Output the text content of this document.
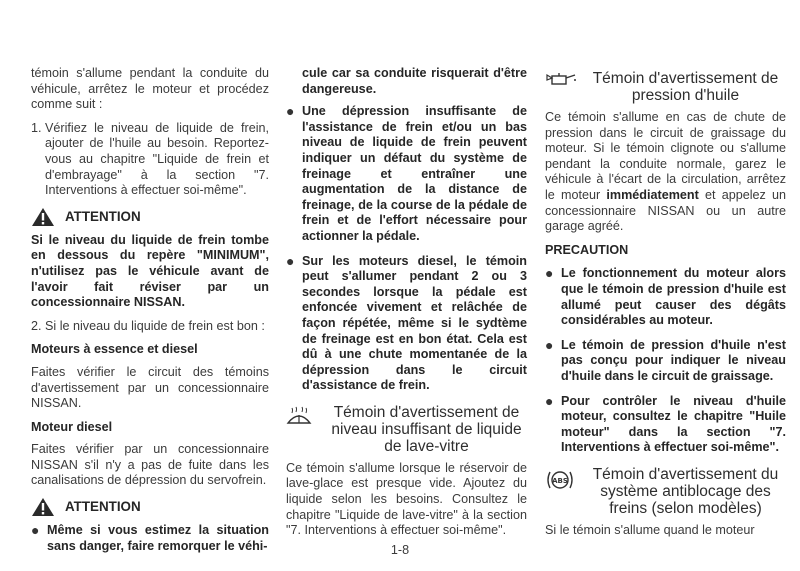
témoin s'allume pendant la conduite du véhicule, arrêtez le moteur et procédez comme suit :

1. Vérifiez le niveau de liquide de frein, ajouter de l'huile au besoin. Reportez-vous au chapitre "Liquide de frein et d'embrayage" à la section "7. Interventions à effectuer soi-même".
ATTENTION

Si le niveau du liquide de frein tombe en dessous du repère "MINIMUM", n'utilisez pas le véhicule avant de l'avoir fait réviser par un concessionnaire NISSAN.

2. Si le niveau du liquide de frein est bon :

Moteurs à essence et diesel

Faites vérifier le circuit des témoins d'avertissement par un concessionnaire NISSAN.

Moteur diesel

Faites vérifier par un concessionnaire NISSAN s'il n'y a pas de fuite dans les canalisations de dépression du servofrein.

ATTENTION
● Même si vous estimez la situation sans danger, faire remorquer le véhi-
cule car sa conduite risquerait d'être dangereuse.
● Une dépression insuffisante de l'assistance de frein et/ou un bas niveau de liquide de frein peuvent indiquer un défaut du système de freinage et entraîner une augmentation de la distance de freinage, de la course de la pédale de frein et de l'effort nécessaire pour actionner la pédale.
● Sur les moteurs diesel, le témoin peut s'allumer pendant 2 ou 3 secondes lorsque la pédale est enfoncée vivement et relâchée de façon répétée, même si le sydtème de freinage est en bon état. Cela est dû à une chute momentanée de la dépression dans le circuit d'assistance de frein.
Témoin d'avertissement de niveau insuffisant de liquide de lave-vitre

Ce témoin s'allume lorsque le réservoir de lave-glace est presque vide. Ajoutez du liquide selon les besoins. Consultez le chapitre "Liquide de lave-vitre" à la section "7. Interventions à effectuer soi-même".

Témoin d'avertissement de pression d'huile

Ce témoin s'allume en cas de chute de pression dans le circuit de graissage du moteur. Si le témoin clignote ou s'allume pendant la conduite normale, garez le véhicule à l'écart de la circulation, arrêtez le moteur immédiatement et appelez un concessionnaire NISSAN ou un autre garage agréé.

PRECAUTION
● Le fonctionnement du moteur alors que le témoin de pression d'huile est allumé peut causer des dégâts considérables au moteur.
● Le témoin de pression d'huile n'est pas conçu pour indiquer le niveau d'huile dans le circuit de graissage.
● Pour contrôler le niveau d'huile moteur, consultez le chapitre "Huile moteur" dans la section "7. Interventions à effectuer soi-même".
ABS	Témoin d'avertissement du système antiblocage des freins (selon modèles)

Si le témoin s'allume quand le moteur

1-8
